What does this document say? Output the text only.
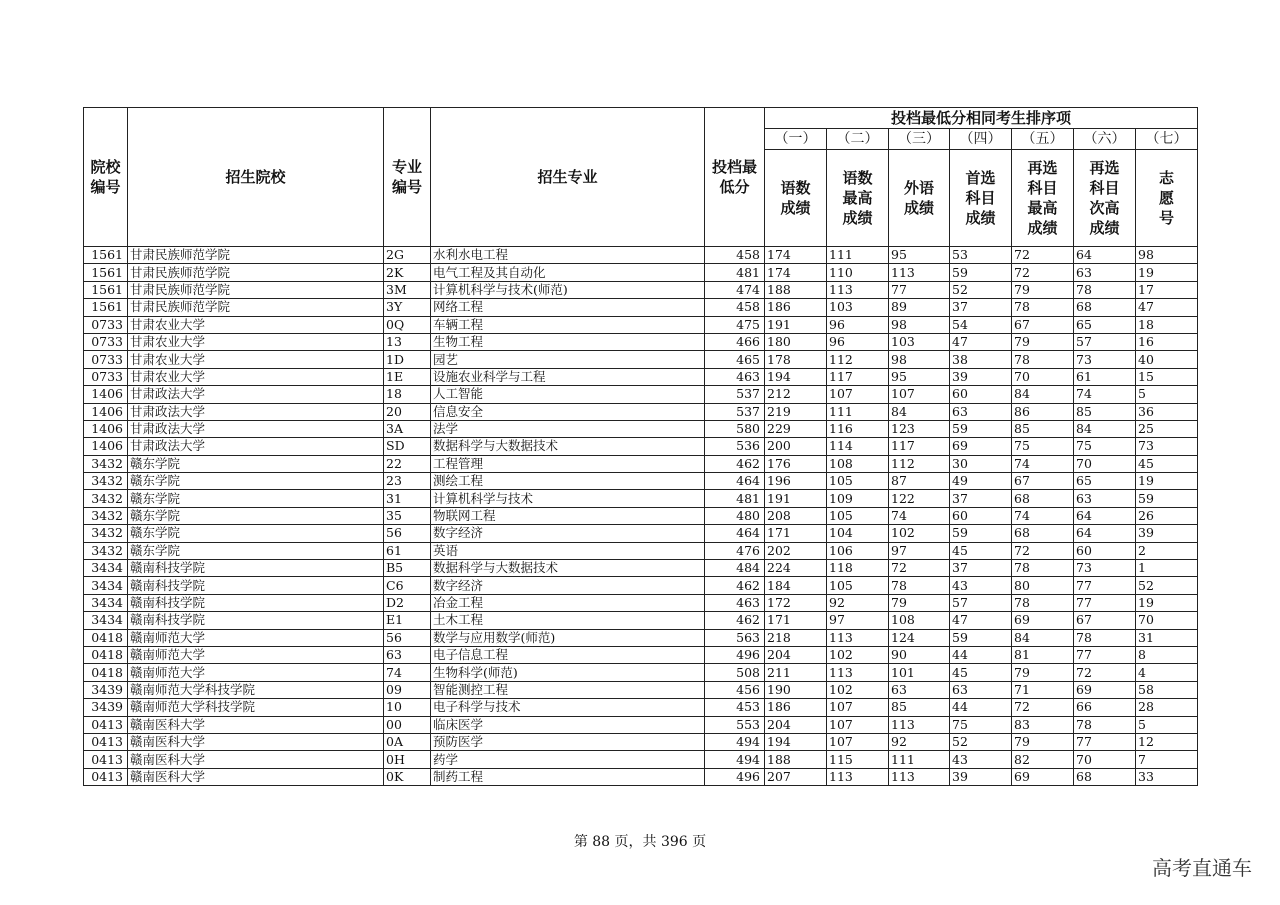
院校编号	招生院校	专业编号	招生专业	投档最低分	投档最低分相同考生排序项						
					（一）	（二）	（三）	（四）	（五）	（六）	（七）
					语数成绩	语数最高成绩	外语成绩	首选科目成绩	再选科目最高成绩	再选科目次高成绩	志愿号
1561	甘肃民族师范学院	2G	水利水电工程	458	174	111	95	53	72	64	98
1561	甘肃民族师范学院	2K	电气工程及其自动化	481	174	110	113	59	72	63	19
1561	甘肃民族师范学院	3M	计算机科学与技术(师范)	474	188	113	77	52	79	78	17
1561	甘肃民族师范学院	3Y	网络工程	458	186	103	89	37	78	68	47
0733	甘肃农业大学	0Q	车辆工程	475	191	96	98	54	67	65	18
0733	甘肃农业大学	13	生物工程	466	180	96	103	47	79	57	16
0733	甘肃农业大学	1D	园艺	465	178	112	98	38	78	73	40
0733	甘肃农业大学	1E	设施农业科学与工程	463	194	117	95	39	70	61	15
1406	甘肃政法大学	18	人工智能	537	212	107	107	60	84	74	5
1406	甘肃政法大学	20	信息安全	537	219	111	84	63	86	85	36
1406	甘肃政法大学	3A	法学	580	229	116	123	59	85	84	25
1406	甘肃政法大学	SD	数据科学与大数据技术	536	200	114	117	69	75	75	73
3432	赣东学院	22	工程管理	462	176	108	112	30	74	70	45
3432	赣东学院	23	测绘工程	464	196	105	87	49	67	65	19
3432	赣东学院	31	计算机科学与技术	481	191	109	122	37	68	63	59
3432	赣东学院	35	物联网工程	480	208	105	74	60	74	64	26
3432	赣东学院	56	数字经济	464	171	104	102	59	68	64	39
3432	赣东学院	61	英语	476	202	106	97	45	72	60	2
3434	赣南科技学院	B5	数据科学与大数据技术	484	224	118	72	37	78	73	1
3434	赣南科技学院	C6	数字经济	462	184	105	78	43	80	77	52
3434	赣南科技学院	D2	冶金工程	463	172	92	79	57	78	77	19
3434	赣南科技学院	E1	土木工程	462	171	97	108	47	69	67	70
0418	赣南师范大学	56	数学与应用数学(师范)	563	218	113	124	59	84	78	31
0418	赣南师范大学	63	电子信息工程	496	204	102	90	44	81	77	8
0418	赣南师范大学	74	生物科学(师范)	508	211	113	101	45	79	72	4
3439	赣南师范大学科技学院	09	智能测控工程	456	190	102	63	63	71	69	58
3439	赣南师范大学科技学院	10	电子科学与技术	453	186	107	85	44	72	66	28
0413	赣南医科大学	00	临床医学	553	204	107	113	75	83	78	5
0413	赣南医科大学	0A	预防医学	494	194	107	92	52	79	77	12
0413	赣南医科大学	0H	药学	494	188	115	111	43	82	70	7
0413	赣南医科大学	0K	制药工程	496	207	113	113	39	69	68	33
第 88 页，共 396 页
高考直通车
